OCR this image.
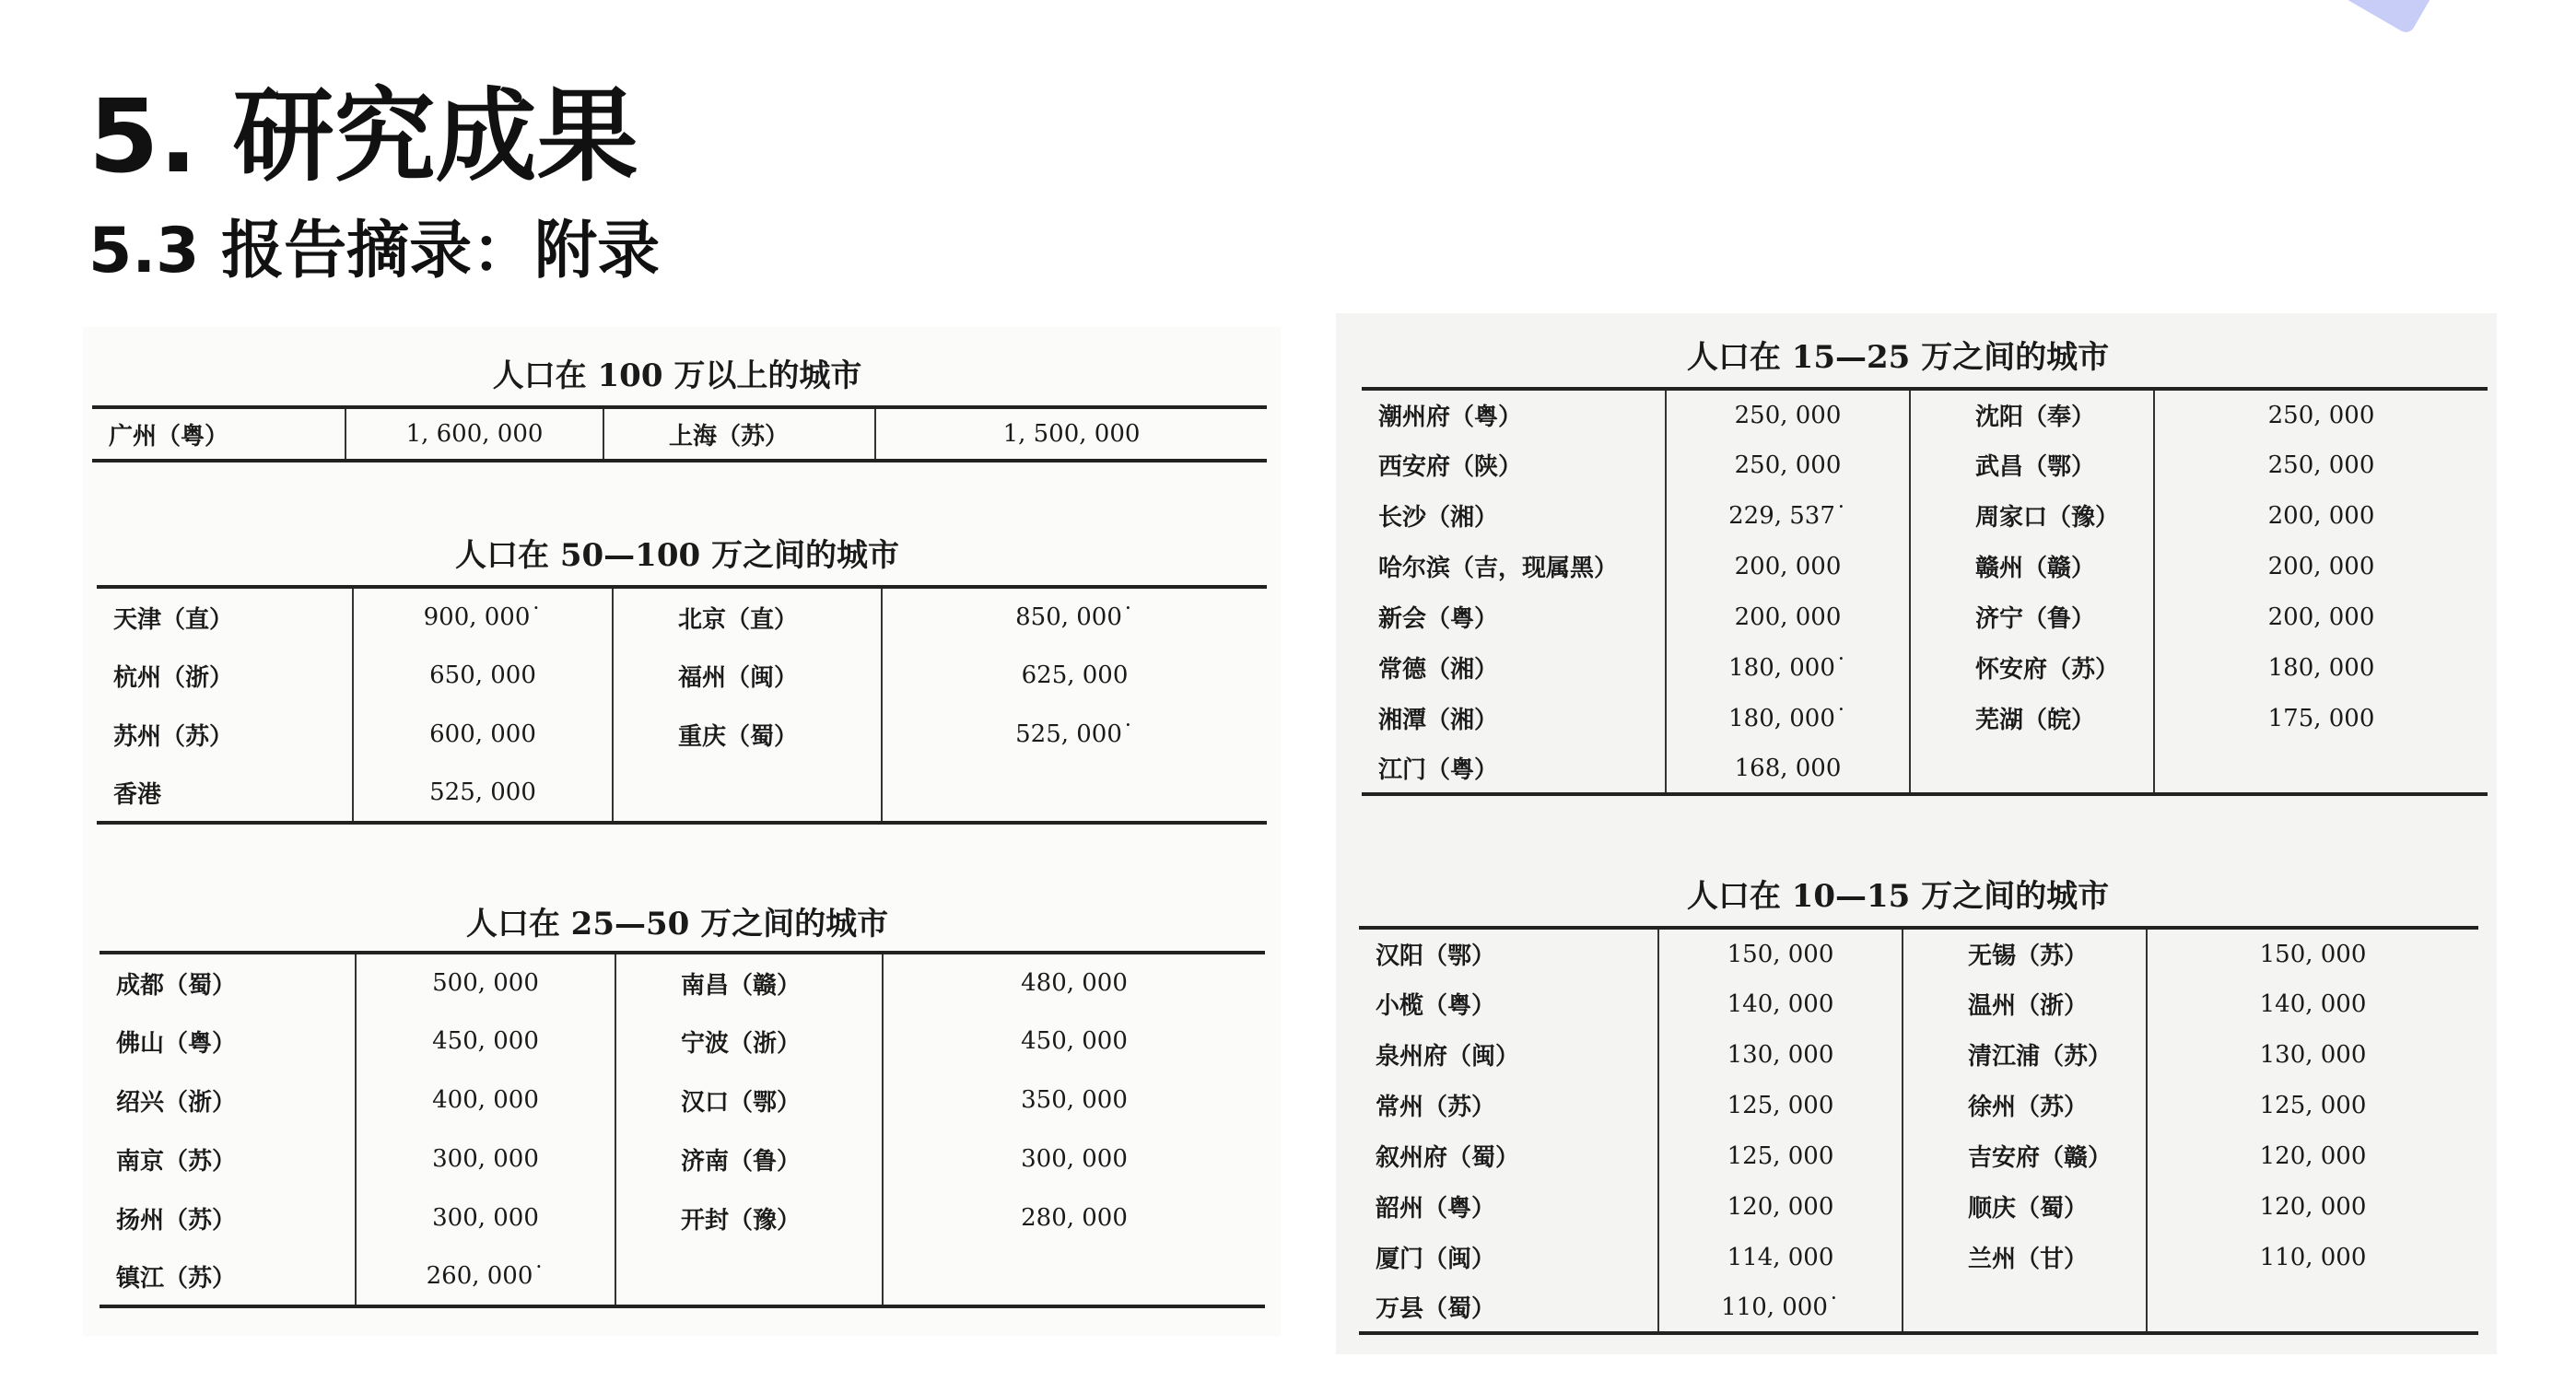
5. 研究成果
5.3 报告摘录：附录
人口在 100 万以上的城市
广州（粤）	1, 600, 000	上海（苏）	1, 500, 000
人口在 50—100 万之间的城市
天津（直）	900, 000˙	北京（直）	850, 000˙
杭州（浙）	650, 000	福州（闽）	625, 000
苏州（苏）	600, 000	重庆（蜀）	525, 000˙
香港	525, 000		
人口在 25—50 万之间的城市
成都（蜀）	500, 000	南昌（赣）	480, 000
佛山（粤）	450, 000	宁波（浙）	450, 000
绍兴（浙）	400, 000	汉口（鄂）	350, 000
南京（苏）	300, 000	济南（鲁）	300, 000
扬州（苏）	300, 000	开封（豫）	280, 000
镇江（苏）	260, 000˙		
人口在 15—25 万之间的城市
潮州府（粤）	250, 000	沈阳（奉）	250, 000
西安府（陕）	250, 000	武昌（鄂）	250, 000
长沙（湘）	229, 537˙	周家口（豫）	200, 000
哈尔滨（吉，现属黑）	200, 000	赣州（赣）	200, 000
新会（粤）	200, 000	济宁（鲁）	200, 000
常德（湘）	180, 000˙	怀安府（苏）	180, 000
湘潭（湘）	180, 000˙	芜湖（皖）	175, 000
江门（粤）	168, 000		
人口在 10—15 万之间的城市
汉阳（鄂）	150, 000	无锡（苏）	150, 000
小榄（粤）	140, 000	温州（浙）	140, 000
泉州府（闽）	130, 000	清江浦（苏）	130, 000
常州（苏）	125, 000	徐州（苏）	125, 000
叙州府（蜀）	125, 000	吉安府（赣）	120, 000
韶州（粤）	120, 000	顺庆（蜀）	120, 000
厦门（闽）	114, 000	兰州（甘）	110, 000
万县（蜀）	110, 000˙		
